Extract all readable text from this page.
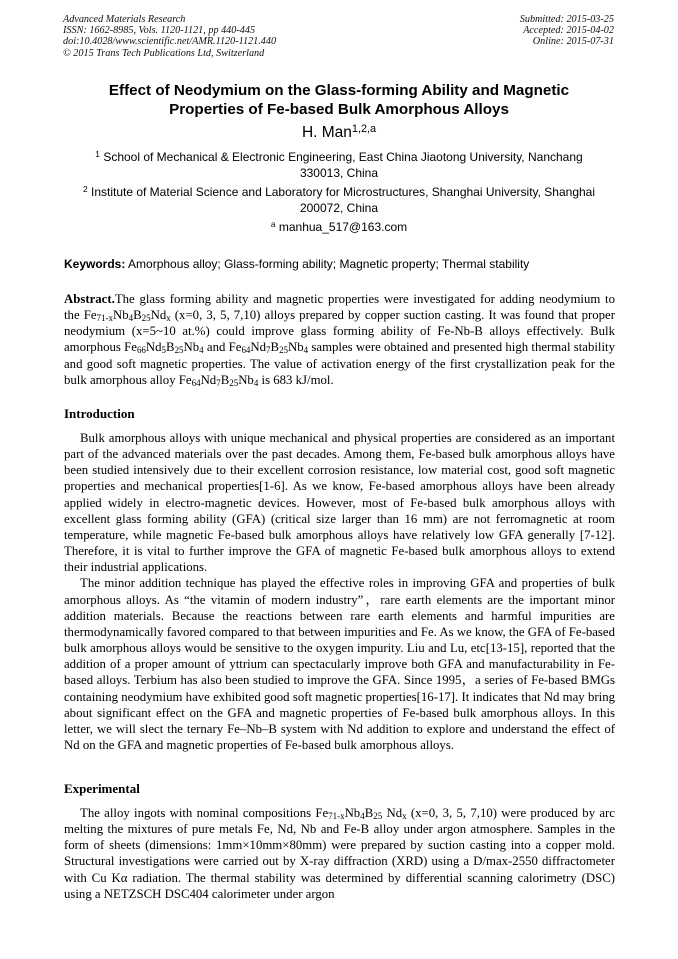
Advanced Materials Research
ISSN: 1662-8985, Vols. 1120-1121, pp 440-445
doi:10.4028/www.scientific.net/AMR.1120-1121.440
© 2015 Trans Tech Publications Ltd, Switzerland
Submitted: 2015-03-25
Accepted: 2015-04-02
Online: 2015-07-31
Effect of Neodymium on the Glass-forming Ability and Magnetic
Properties of Fe-based Bulk Amorphous Alloys
H. Man$^{1,2,a}$
$^1$ School of Mechanical & Electronic Engineering, East China Jiaotong University, Nanchang
330013, China
$^2$ Institute of Material Science and Laboratory for Microstructures, Shanghai University, Shanghai
200072, China
$^a$ manhua_517@163.com
Keywords: Amorphous alloy; Glass-forming ability; Magnetic property; Thermal stability

Abstract.The glass forming ability and magnetic properties were investigated for adding neodymium to the $Fe_{71-x}Nb_4B_{25}Nd_x$ (x=0, 3, 5, 7,10) alloys prepared by copper suction casting. It was found that proper neodymium (x=5~10 at.%) could improve glass forming ability of Fe-Nb-B alloys effectively. Bulk amorphous $Fe_{66}Nd_5B_{25}Nb_4$ and $Fe_{64}Nd_7B_{25}Nb_4$ samples were obtained and presented high thermal stability and good soft magnetic properties. The value of activation energy of the first crystallization peak for the bulk amorphous alloy $Fe_{64}Nd_7B_{25}Nb_4$ is 683 kJ/mol.

Introduction

Bulk amorphous alloys with unique mechanical and physical properties are considered as an important part of the advanced materials over the past decades. Among them, Fe-based bulk amorphous alloys have been studied intensively due to their excellent corrosion resistance, low material cost, good soft magnetic properties and mechanical properties[1-6]. As we know, Fe-based amorphous alloys have been already applied widely in electro-magnetic devices. However, most of Fe-based bulk amorphous alloys with excellent glass forming ability (GFA) (critical size larger than 16 mm) are not ferromagnetic at room temperature, while magnetic Fe-based bulk amorphous alloys have relatively low GFA generally [7-12]. Therefore, it is vital to further improve the GFA of magnetic Fe-based bulk amorphous alloys to extend their industrial applications.

The minor addition technique has played the effective roles in improving GFA and properties of bulk amorphous alloys. As “the vitamin of modern industry”，rare earth elements are the important minor addition materials. Because the reactions between rare earth elements and harmful impurities are thermodynamically favored compared to that between impurities and Fe. As we know, the GFA of Fe-based bulk amorphous alloys would be sensitive to the oxygen impurity. Liu and Lu, etc[13-15], reported that the addition of a proper amount of yttrium can spectacularly improve both GFA and manufacturability in Fe-based alloys. Terbium has also been studied to improve the GFA. Since 1995，a series of Fe-based BMGs containing neodymium have exhibited good soft magnetic properties[16-17]. It indicates that Nd may bring about significant effect on the GFA and magnetic properties of Fe-based bulk amorphous alloys. In this letter, we will slect the ternary Fe–Nb–B system with Nd addition to explore and understand the effect of Nd on the GFA and magnetic properties of Fe-based bulk amorphous alloys.

Experimental

The alloy ingots with nominal compositions $Fe_{71-x}Nb_4B_{25}$ $Nd_x$ (x=0, 3, 5, 7,10) were produced by arc melting the mixtures of pure metals Fe, Nd, Nb and Fe-B alloy under argon atmosphere. Samples in the form of sheets (dimensions: 1mm×10mm×80mm) were prepared by suction casting into a copper mold. Structural investigations were carried out by X-ray diffraction (XRD) using a D/max-2550 diffractometer with Cu Kα radiation. The thermal stability was determined by differential scanning calorimetry (DSC) using a NETZSCH DSC404 calorimeter under argon
